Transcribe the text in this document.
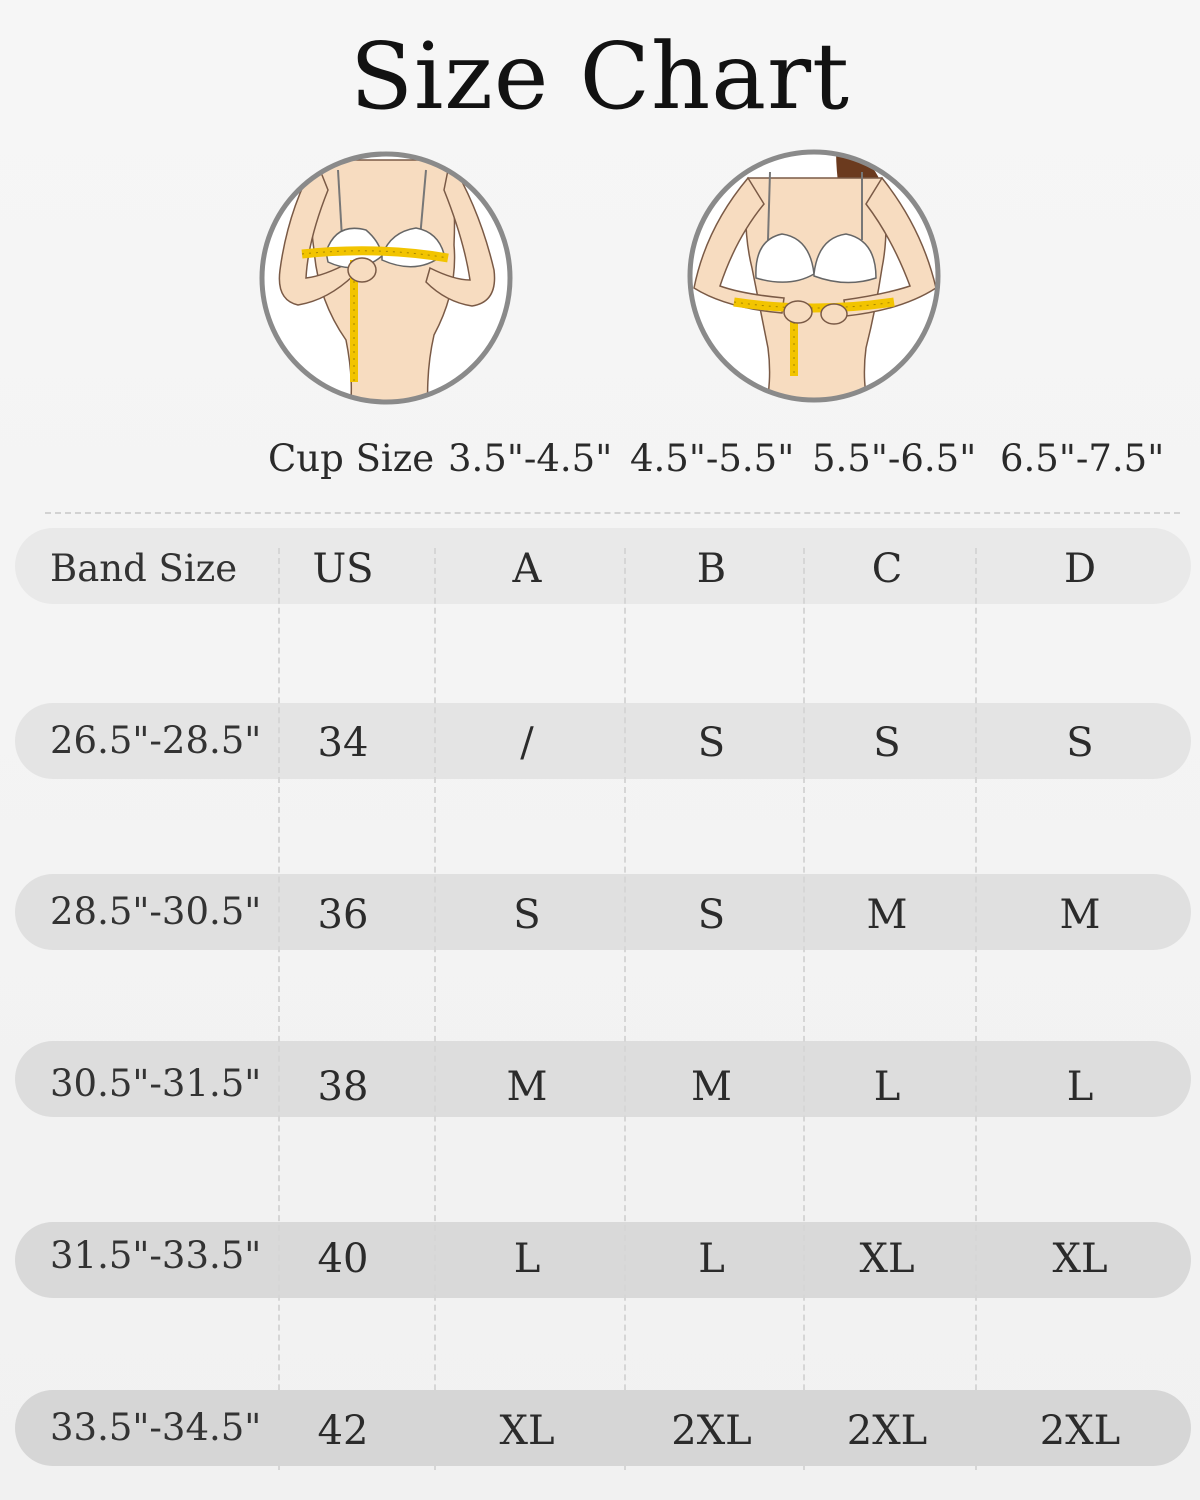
Size Chart
Cup Size 3.5"-4.5" 4.5"-5.5" 5.5"-6.5" 6.5"-7.5"
Band Size	US	A	B	C	D
26.5"-28.5"	34	/	S	S	S
28.5"-30.5"	36	S	S	M	M
30.5"-31.5"	38	M	M	L	L
31.5"-33.5"	40	L	L	XL	XL
33.5"-34.5"	42	XL	2XL	2XL	2XL
